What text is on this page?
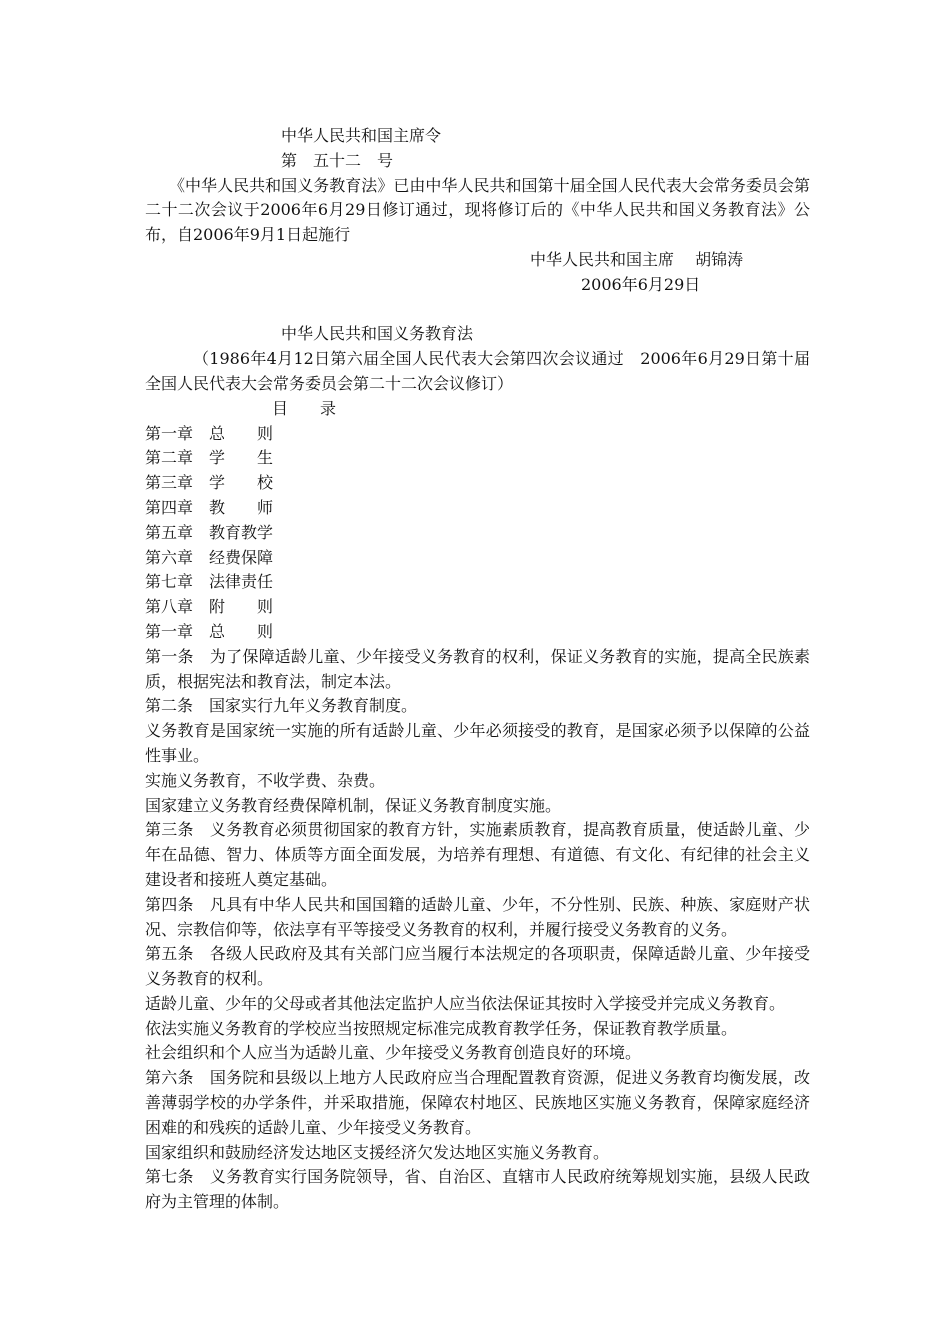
中华人民共和国主席令
第　五十二　号

《中华人民共和国义务教育法》已由中华人民共和国第十届全国人民代表大会常务委员会第二十二次会议于2006年6月29日修订通过，现将修订后的《中华人民共和国义务教育法》公布，自2006年9月1日起施行

中华人民共和国主席　 胡锦涛
2006年6月29日
中华人民共和国义务教育法

（1986年4月12日第六届全国人民代表大会第四次会议通过　2006年6月29日第十届全国人民代表大会常务委员会第二十二次会议修订）

目　　录
第一章　总　　则
第二章　学　　生
第三章　学　　校
第四章　教　　师
第五章　教育教学
第六章　经费保障
第七章　法律责任
第八章　附　　则
第一章　总　　则

第一条　为了保障适龄儿童、少年接受义务教育的权利，保证义务教育的实施，提高全民族素质，根据宪法和教育法，制定本法。

第二条　国家实行九年义务教育制度。

义务教育是国家统一实施的所有适龄儿童、少年必须接受的教育，是国家必须予以保障的公益性事业。

实施义务教育，不收学费、杂费。

国家建立义务教育经费保障机制，保证义务教育制度实施。

第三条　义务教育必须贯彻国家的教育方针，实施素质教育，提高教育质量，使适龄儿童、少年在品德、智力、体质等方面全面发展，为培养有理想、有道德、有文化、有纪律的社会主义建设者和接班人奠定基础。

第四条　凡具有中华人民共和国国籍的适龄儿童、少年，不分性别、民族、种族、家庭财产状况、宗教信仰等，依法享有平等接受义务教育的权利，并履行接受义务教育的义务。

第五条　各级人民政府及其有关部门应当履行本法规定的各项职责，保障适龄儿童、少年接受义务教育的权利。

适龄儿童、少年的父母或者其他法定监护人应当依法保证其按时入学接受并完成义务教育。

依法实施义务教育的学校应当按照规定标准完成教育教学任务，保证教育教学质量。

社会组织和个人应当为适龄儿童、少年接受义务教育创造良好的环境。

第六条　国务院和县级以上地方人民政府应当合理配置教育资源，促进义务教育均衡发展，改善薄弱学校的办学条件，并采取措施，保障农村地区、民族地区实施义务教育，保障家庭经济困难的和残疾的适龄儿童、少年接受义务教育。

国家组织和鼓励经济发达地区支援经济欠发达地区实施义务教育。

第七条　义务教育实行国务院领导，省、自治区、直辖市人民政府统筹规划实施，县级人民政府为主管理的体制。
